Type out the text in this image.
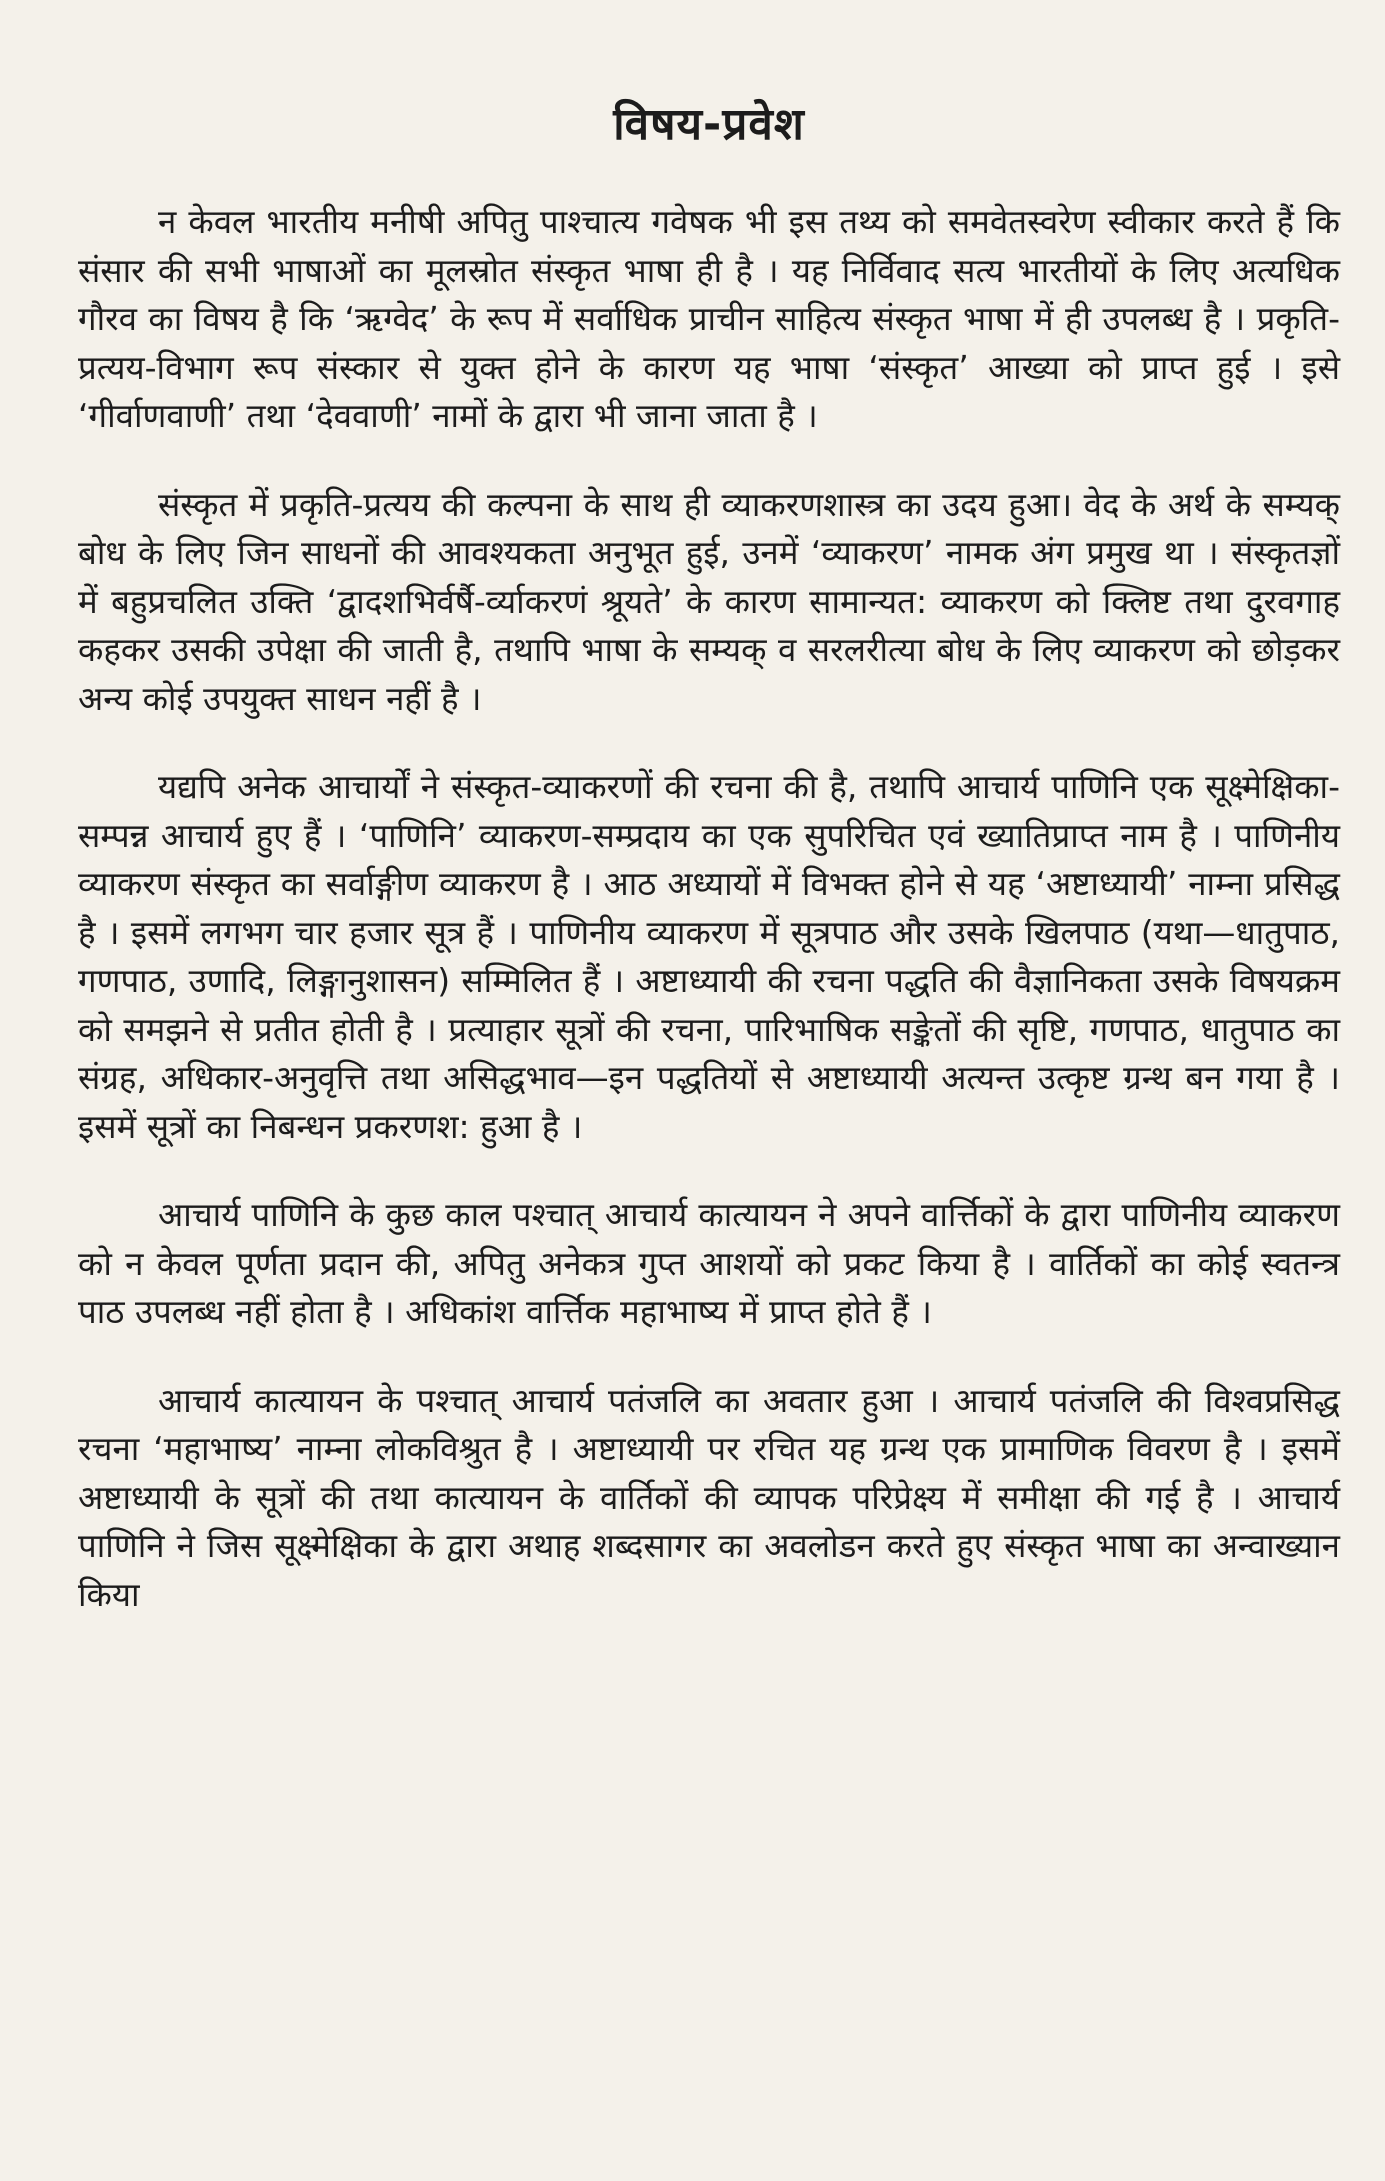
विषय-प्रवेश

न केवल भारतीय मनीषी अपितु पाश्चात्य गवेषक भी इस तथ्य को समवेतस्वरेण स्वीकार करते हैं कि संसार की सभी भाषाओं का मूलस्रोत संस्कृत भाषा ही है । यह निर्विवाद सत्य भारतीयों के लिए अत्यधिक गौरव का विषय है कि ‘ऋग्वेद’ के रूप में सर्वाधिक प्राचीन साहित्य संस्कृत भाषा में ही उपलब्ध है । प्रकृति-प्रत्यय-विभाग रूप संस्कार से युक्त होने के कारण यह भाषा ‘संस्कृत’ आख्या को प्राप्त हुई । इसे ‘गीर्वाणवाणी’ तथा ‘देववाणी’ नामों के द्वारा भी जाना जाता है ।

संस्कृत में प्रकृति-प्रत्यय की कल्पना के साथ ही व्याकरणशास्त्र का उदय हुआ। वेद के अर्थ के सम्यक् बोध के लिए जिन साधनों की आवश्यकता अनुभूत हुई, उनमें ‘व्याकरण’ नामक अंग प्रमुख था । संस्कृतज्ञों में बहुप्रचलित उक्ति ‘द्वादशभिर्वर्षै-र्व्याकरणं श्रूयते’ के कारण सामान्यत: व्याकरण को क्लिष्ट तथा दुरवगाह कहकर उसकी उपेक्षा की जाती है, तथापि भाषा के सम्यक् व सरलरीत्या बोध के लिए व्याकरण को छोड़कर अन्य कोई उपयुक्त साधन नहीं है ।

यद्यपि अनेक आचार्यों ने संस्कृत-व्याकरणों की रचना की है, तथापि आचार्य पाणिनि एक सूक्ष्मेक्षिका-सम्पन्न आचार्य हुए हैं । ‘पाणिनि’ व्याकरण-सम्प्रदाय का एक सुपरिचित एवं ख्यातिप्राप्त नाम है । पाणिनीय व्याकरण संस्कृत का सर्वाङ्गीण व्याकरण है । आठ अध्यायों में विभक्त होने से यह ‘अष्टाध्यायी’ नाम्ना प्रसिद्ध है । इसमें लगभग चार हजार सूत्र हैं । पाणिनीय व्याकरण में सूत्रपाठ और उसके खिलपाठ (यथा—धातुपाठ, गणपाठ, उणादि, लिङ्गानुशासन) सम्मिलित हैं । अष्टाध्यायी की रचना पद्धति की वैज्ञानिकता उसके विषयक्रम को समझने से प्रतीत होती है । प्रत्याहार सूत्रों की रचना, पारिभाषिक सङ्केतों की सृष्टि, गणपाठ, धातुपाठ का संग्रह, अधिकार-अनुवृत्ति तथा असिद्धभाव—इन पद्धतियों से अष्टाध्यायी अत्यन्त उत्कृष्ट ग्रन्थ बन गया है । इसमें सूत्रों का निबन्धन प्रकरणश: हुआ है ।

आचार्य पाणिनि के कुछ काल पश्चात् आचार्य कात्यायन ने अपने वार्त्तिकों के द्वारा पाणिनीय व्याकरण को न केवल पूर्णता प्रदान की, अपितु अनेकत्र गुप्त आशयों को प्रकट किया है । वार्तिकों का कोई स्वतन्त्र पाठ उपलब्ध नहीं होता है । अधिकांश वार्त्तिक महाभाष्य में प्राप्त होते हैं ।

आचार्य कात्यायन के पश्चात् आचार्य पतंजलि का अवतार हुआ । आचार्य पतंजलि की विश्वप्रसिद्ध रचना ‘महाभाष्य’ नाम्ना लोकविश्रुत है । अष्टाध्यायी पर रचित यह ग्रन्थ एक प्रामाणिक विवरण है । इसमें अष्टाध्यायी के सूत्रों की तथा कात्यायन के वार्तिकों की व्यापक परिप्रेक्ष्य में समीक्षा की गई है । आचार्य पाणिनि ने जिस सूक्ष्मेक्षिका के द्वारा अथाह शब्दसागर का अवलोडन करते हुए संस्कृत भाषा का अन्वाख्यान किया
